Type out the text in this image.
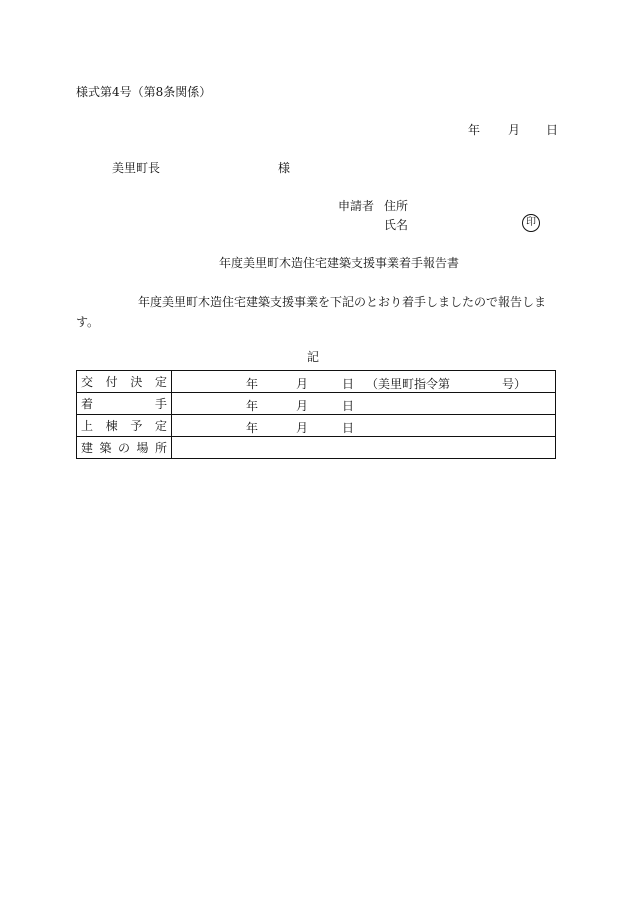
様式第4号（第8条関係）
年 月 日
美里町長	様
申請者 住所
氏名	印
年度美里町木造住宅建築支援事業着手報告書
年度美里町木造住宅建築支援事業を下記のとおり着手しましたので報告します。
記
交 付 決 定	年 月 日 （美里町指令第 号）

着 手	年 月 日

上 棟 予 定	年 月 日

建 築 の 場 所	
